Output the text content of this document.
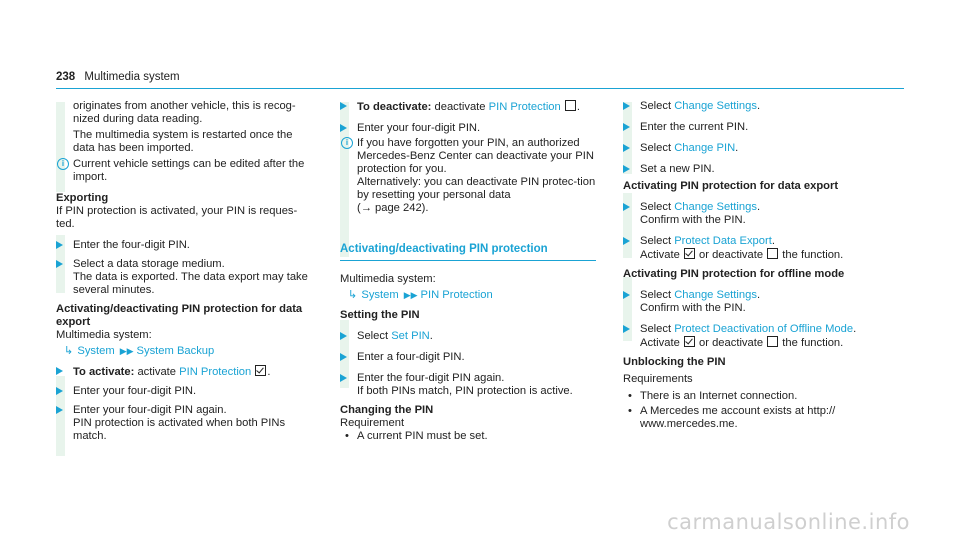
238 Multimedia system
originates from another vehicle, this is recog-nized during data reading.
The multimedia system is restarted once the data has been imported.
i Current vehicle settings can be edited after the import.
Exporting
If PIN protection is activated, your PIN is reques-ted.
Enter the four-digit PIN.
Select a data storage medium.
The data is exported. The data export may take several minutes.
Activating/deactivating PIN protection for data export
Multimedia system:
↳ System ▶▶ System Backup
To activate: activate PIN Protection .
Enter your four-digit PIN.
Enter your four-digit PIN again.
PIN protection is activated when both PINs match.
To deactivate: deactivate PIN Protection .
Enter your four-digit PIN.
i If you have forgotten your PIN, an authorized Mercedes-Benz Center can deactivate your PIN protection for you.
Alternatively: you can deactivate PIN protec-tion by resetting your personal data
(→ page 242).
Activating/deactivating PIN protection
Multimedia system:
↳ System ▶▶ PIN Protection
Setting the PIN
Select Set PIN.
Enter a four-digit PIN.
Enter the four-digit PIN again.
If both PINs match, PIN protection is active.
Changing the PIN
Requirement
• A current PIN must be set.
Select Change Settings.
Enter the current PIN.
Select Change PIN.
Set a new PIN.
Activating PIN protection for data export
Select Change Settings.
Confirm with the PIN.
Select Protect Data Export.
Activate or deactivate the function.
Activating PIN protection for offline mode
Select Change Settings.
Confirm with the PIN.
Select Protect Deactivation of Offline Mode.
Activate or deactivate the function.
Unblocking the PIN
Requirements
• There is an Internet connection.
• A Mercedes me account exists at http://
www.mercedes.me.
carmanualsonline.info
